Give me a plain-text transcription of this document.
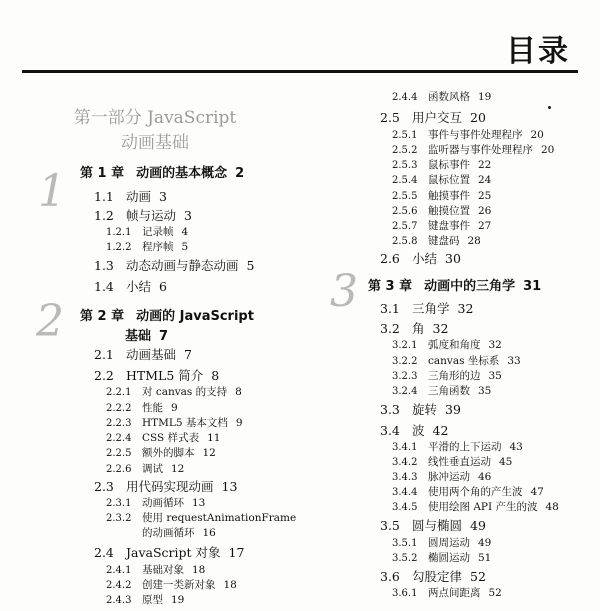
目录
第一部分 JavaScript
动画基础
1
2
3
2.4.4 函数风格 19
2.5 用户交互 20
2.5.1 事件与事件处理程序 20
2.5.2 监听器与事件处理程序 20
2.5.3 鼠标事件 22
2.5.4 鼠标位置 24
2.5.5 触摸事件 25
2.5.6 触摸位置 26
2.5.7 键盘事件 27
2.5.8 键盘码 28
2.6 小结 30
第 1 章 动画的基本概念 2
1.1 动画 3
1.2 帧与运动 3
1.2.1 记录帧 4
1.2.2 程序帧 5
1.3 动态动画与静态动画 5
1.4 小结 6
第 2 章 动画的 JavaScript
基础 7
2.1 动画基础 7
2.2 HTML5 简介 8
2.2.1 对 canvas 的支持 8
2.2.2 性能 9
2.2.3 HTML5 基本文档 9
2.2.4 CSS 样式表 11
2.2.5 额外的脚本 12
2.2.6 调试 12
2.3 用代码实现动画 13
2.3.1 动画循环 13
2.3.2 使用 requestAnimationFrame
的动画循环 16
2.4 JavaScript 对象 17
2.4.1 基础对象 18
2.4.2 创建一类新对象 18
2.4.3 原型 19
第 3 章 动画中的三角学 31
3.1 三角学 32
3.2 角 32
3.2.1 弧度和角度 32
3.2.2 canvas 坐标系 33
3.2.3 三角形的边 35
3.2.4 三角函数 35
3.3 旋转 39
3.4 波 42
3.4.1 平滑的上下运动 43
3.4.2 线性垂直运动 45
3.4.3 脉冲运动 46
3.4.4 使用两个角的产生波 47
3.4.5 使用绘图 API 产生的波 48
3.5 圆与椭圆 49
3.5.1 圆周运动 49
3.5.2 椭圆运动 51
3.6 勾股定律 52
3.6.1 两点间距离 52
